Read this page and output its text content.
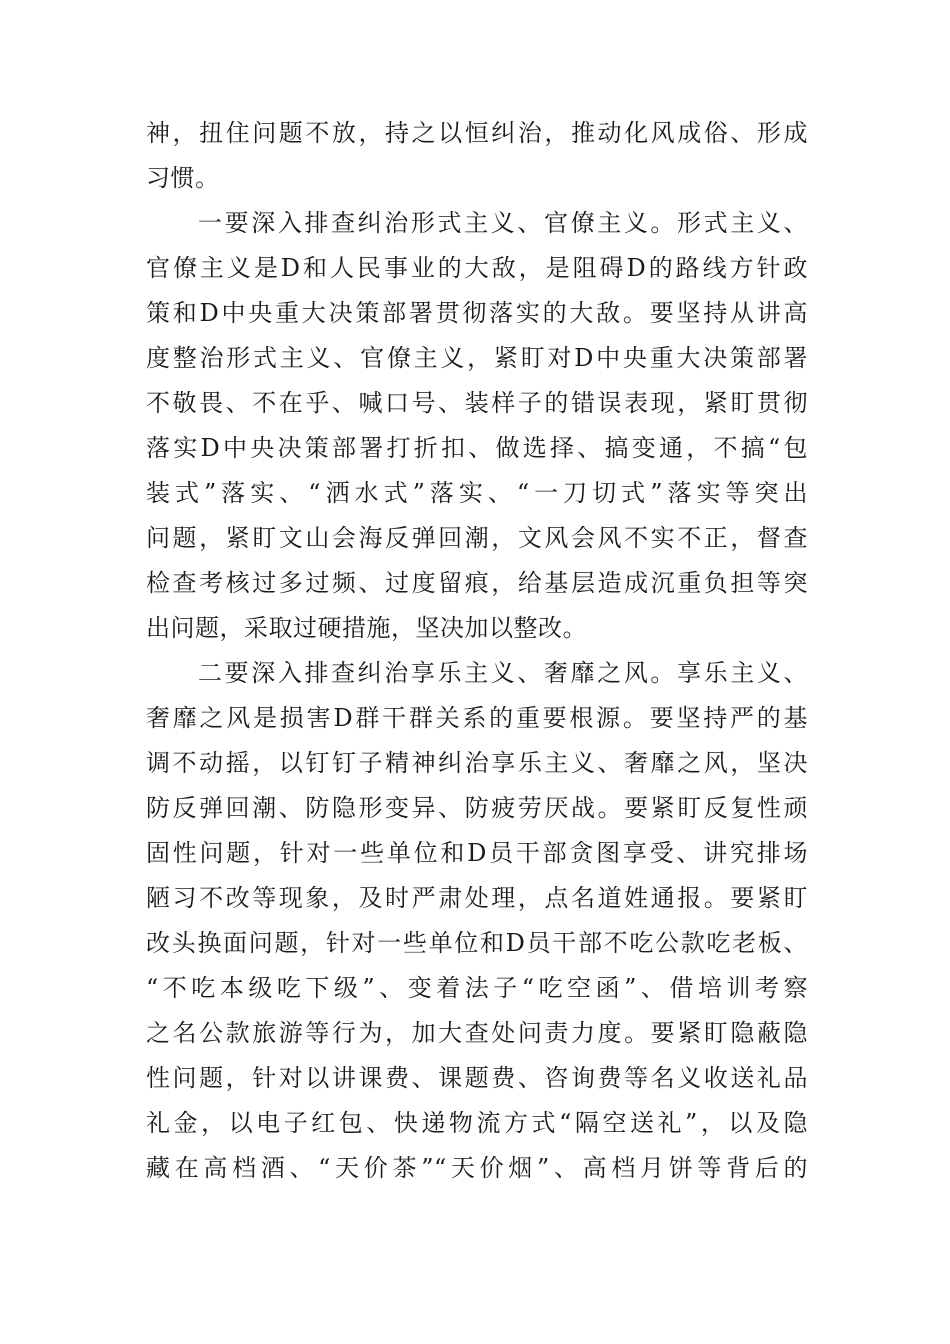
神，扭住问题不放，持之以恒纠治，推动化风成俗、形成
习惯。
一要深入排查纠治形式主义、官僚主义。形式主义、
官僚主义是D和人民事业的大敌，是阻碍D的路线方针政
策和D中央重大决策部署贯彻落实的大敌。要坚持从讲高
度整治形式主义、官僚主义，紧盯对D中央重大决策部署
不敬畏、不在乎、喊口号、装样子的错误表现，紧盯贯彻
落实D中央决策部署打折扣、做选择、搞变通，不搞“包
装式”落实、“洒水式”落实、“一刀切式”落实等突出
问题，紧盯文山会海反弹回潮，文风会风不实不正，督查
检查考核过多过频、过度留痕，给基层造成沉重负担等突
出问题，采取过硬措施，坚决加以整改。
二要深入排查纠治享乐主义、奢靡之风。享乐主义、
奢靡之风是损害D群干群关系的重要根源。要坚持严的基
调不动摇，以钉钉子精神纠治享乐主义、奢靡之风，坚决
防反弹回潮、防隐形变异、防疲劳厌战。要紧盯反复性顽
固性问题，针对一些单位和D员干部贪图享受、讲究排场
陋习不改等现象，及时严肃处理，点名道姓通报。要紧盯
改头换面问题，针对一些单位和D员干部不吃公款吃老板、
“不吃本级吃下级”、变着法子“吃空函”、借培训考察
之名公款旅游等行为，加大查处问责力度。要紧盯隐蔽隐
性问题，针对以讲课费、课题费、咨询费等名义收送礼品
礼金，以电子红包、快递物流方式“隔空送礼”，以及隐
藏在高档酒、“天价茶”“天价烟”、高档月饼等背后的
